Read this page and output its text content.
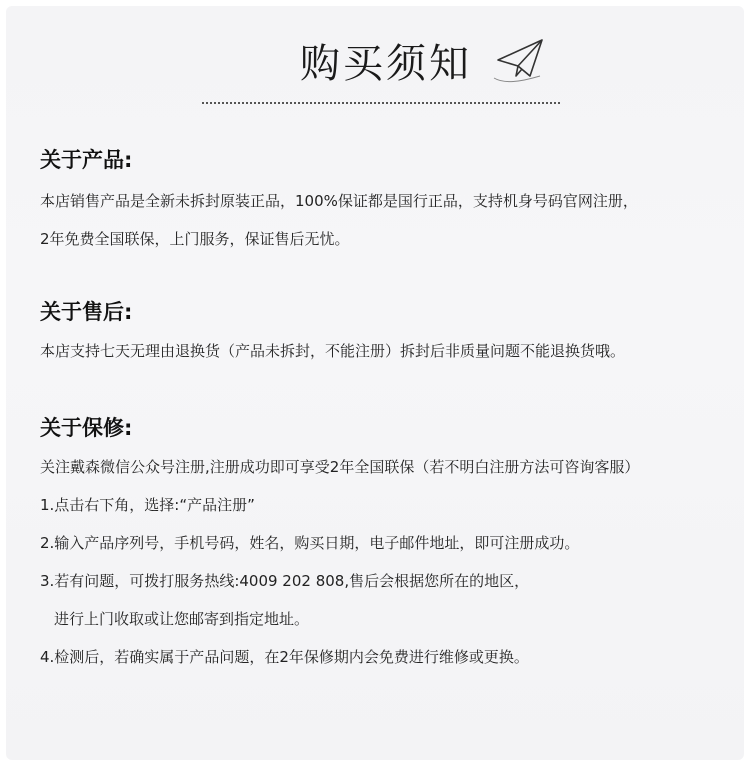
购买须知
关于产品:
本店销售产品是全新未拆封原装正品，100%保证都是国行正品，支持机身号码官网注册，
2年免费全国联保，上门服务，保证售后无忧。
关于售后:
本店支持七天无理由退换货（产品未拆封，不能注册）拆封后非质量问题不能退换货哦。
关于保修:
关注戴森微信公众号注册,注册成功即可享受2年全国联保（若不明白注册方法可咨询客服）
1.点击右下角，选择:“产品注册”
2.输入产品序列号，手机号码，姓名，购买日期，电子邮件地址，即可注册成功。
3.若有问题，可拨打服务热线:4009 202 808,售后会根据您所在的地区，
进行上门收取或让您邮寄到指定地址。
4.检测后，若确实属于产品问题，在2年保修期内会免费进行维修或更换。
